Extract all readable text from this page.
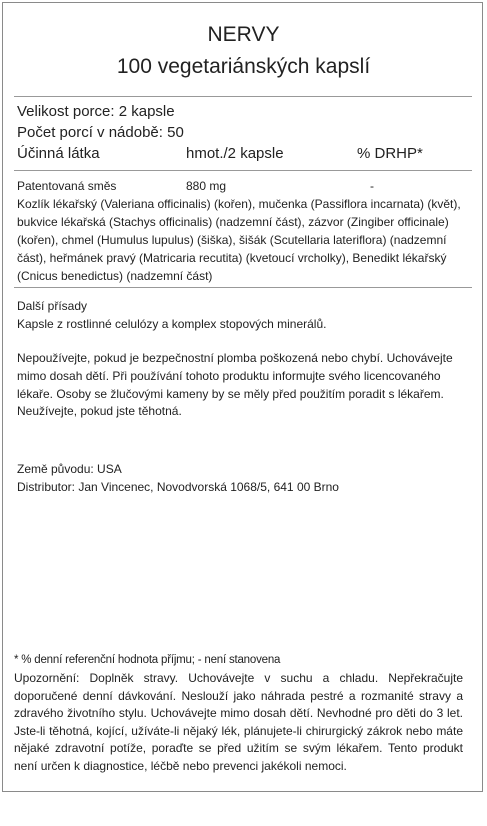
NERVY

100 vegetariánských kapslí

Velikost porce: 2 kapsle

Počet porcí v nádobě: 50

Účinná látka	hmot./2 kapsle	% DRHP*

Patentovaná směs	880 mg	-

Kozlík lékařský (Valeriana officinalis) (kořen), mučenka (Passiflora incarnata) (květ), bukvice lékařská (Stachys officinalis) (nadzemní část), zázvor (Zingiber officinale) (kořen), chmel (Humulus lupulus) (šiška), šišák (Scutellaria lateriflora) (nadzemní část), heřmánek pravý (Matricaria recutita) (kvetoucí vrcholky), Benedikt lékařský (Cnicus benedictus) (nadzemní část)

Další přísady

Kapsle z rostlinné celulózy a komplex stopových minerálů.

Nepoužívejte, pokud je bezpečnostní plomba poškozená nebo chybí. Uchovávejte mimo dosah dětí. Při používání tohoto produktu informujte svého licencovaného lékaře. Osoby se žlučovými kameny by se měly před použitím poradit s lékařem. Neužívejte, pokud jste těhotná.

Země původu: USA

Distributor: Jan Vincenec, Novodvorská 1068/5, 641 00 Brno

* % denní referenční hodnota příjmu; - není stanovena

Upozornění: Doplněk stravy. Uchovávejte v suchu a chladu. Nepřekračujte doporučené denní dávkování. Neslouží jako náhrada pestré a rozmanité stravy a zdravého životního stylu. Uchovávejte mimo dosah dětí. Nevhodné pro děti do 3 let. Jste-li těhotná, kojící, užíváte-li nějaký lék, plánujete-li chirurgický zákrok nebo máte nějaké zdravotní potíže, poraďte se před užitím se svým lékařem. Tento produkt není určen k diagnostice, léčbě nebo prevenci jakékoli nemoci.
